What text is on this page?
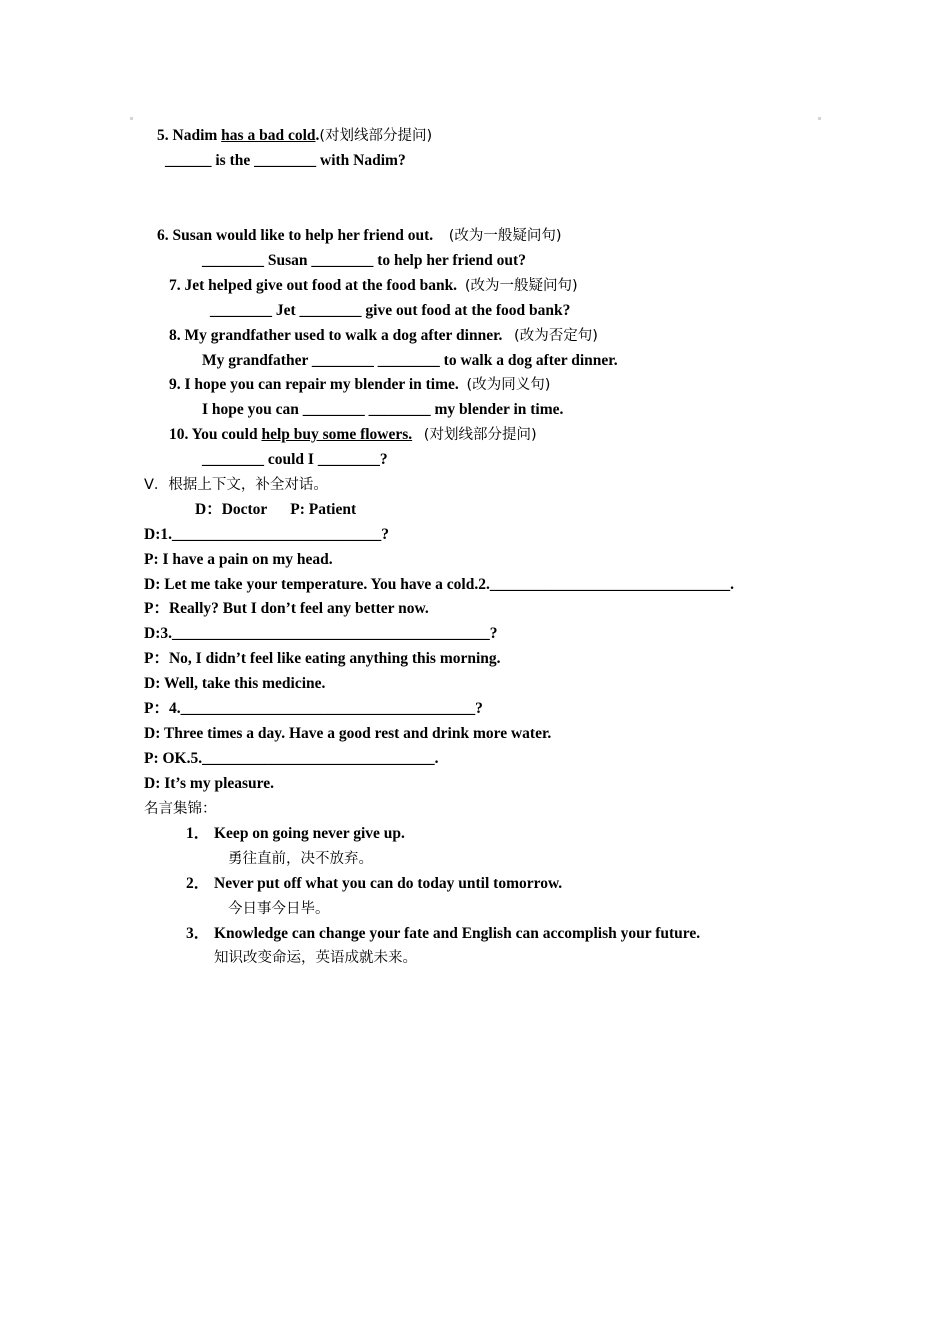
5. Nadim has a bad cold.(对划线部分提问)
______ is the ________ with Nadim?
6. Susan would like to help her friend out. (改为一般疑问句)
________ Susan ________ to help her friend out?
7. Jet helped give out food at the food bank. (改为一般疑问句)
________ Jet ________ give out food at the food bank?
8. My grandfather used to walk a dog after dinner. (改为否定句)
My grandfather ________ ________ to walk a dog after dinner.
9. I hope you can repair my blender in time. (改为同义句)
I hope you can ________ ________ my blender in time.
10. You could help buy some flowers. (对划线部分提问)
________ could I ________?
V．根据上下文，补全对话。
D：Doctor      P: Patient
D:1.___________________________?
P: I have a pain on my head.
D: Let me take your temperature. You have a cold.2._______________________________.
P：Really? But I don’t feel any better now.
D:3._________________________________________?
P：No, I didn’t feel like eating anything this morning.
D: Well, take this medicine.
P：4.______________________________________?
D: Three times a day. Have a good rest and drink more water.
P: OK.5.______________________________.
D: It’s my pleasure.
名言集锦：
1． Keep on going never give up.
勇往直前，决不放弃。
2． Never put off what you can do today until tomorrow.
今日事今日毕。
3． Knowledge can change your fate and English can accomplish your future.
知识改变命运，英语成就未来。
